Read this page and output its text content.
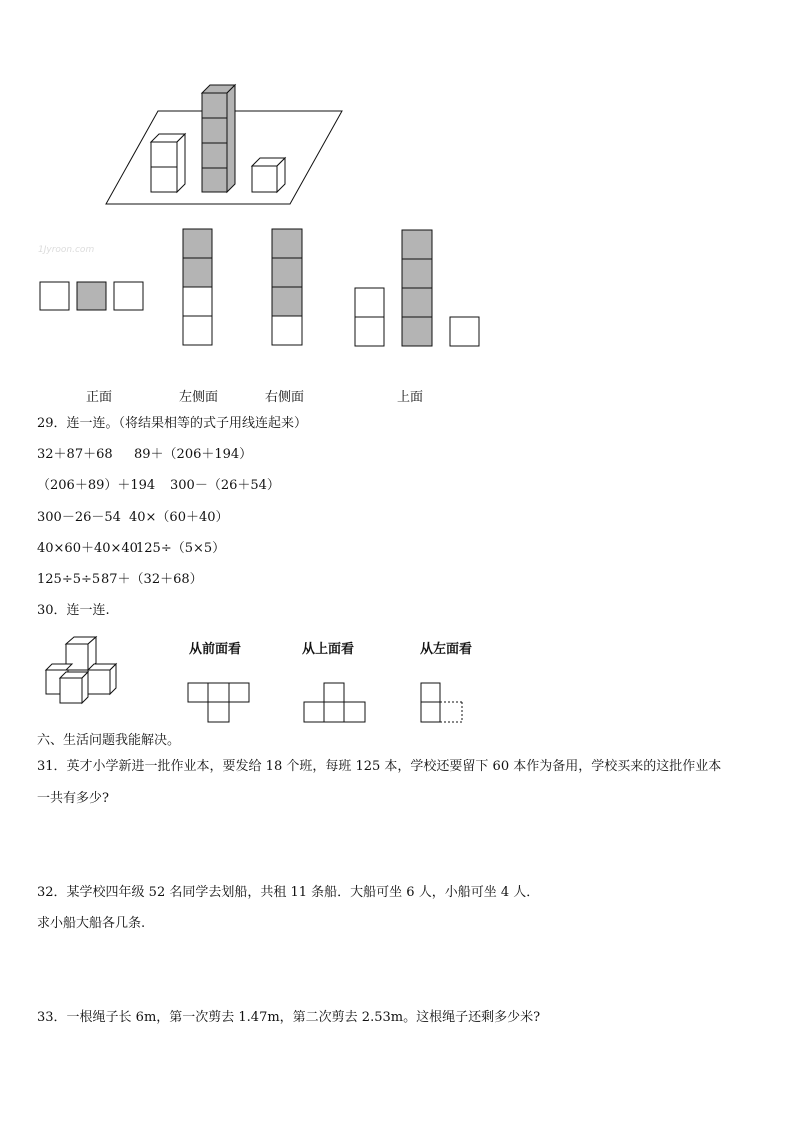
1Jyroon.com
正面	左侧面	右侧面	上面
29．连一连。（将结果相等的式子用线连起来）
32＋87＋68 89＋（206＋194）
（206＋89）＋194 300－（26＋54）
300－26－54 40×（60＋40）
40×60＋40×40
125÷（5×5）
125÷5÷5 87＋（32＋68）
30．连一连.
从前面看	从上面看	从左面看
六、生活问题我能解决。
31．英才小学新进一批作业本，要发给 18 个班，每班 125 本，学校还要留下 60 本作为备用，学校买来的这批作业本
一共有多少?
32．某学校四年级 52 名同学去划船，共租 11 条船．大船可坐 6 人，小船可坐 4 人．
求小船大船各几条.
33．一根绳子长 6m，第一次剪去 1.47m，第二次剪去 2.53m。这根绳子还剩多少米?
